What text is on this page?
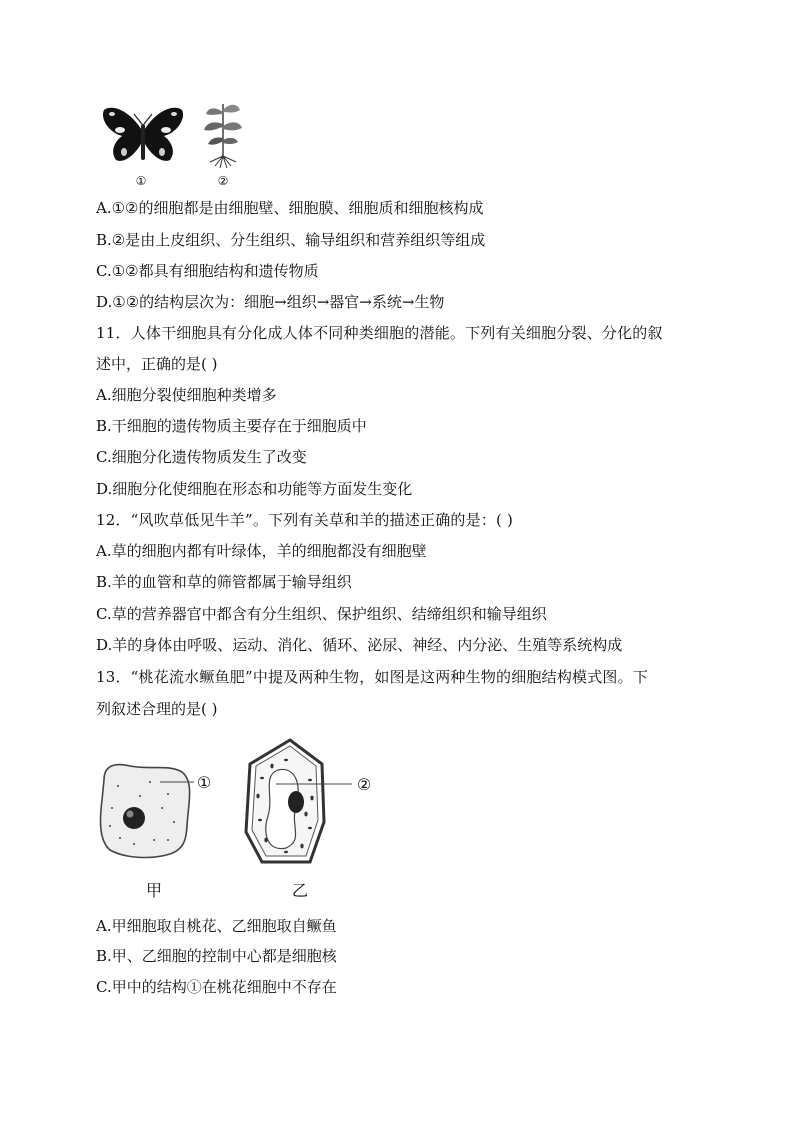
①	②
A.①②的细胞都是由细胞壁、细胞膜、细胞质和细胞核构成
B.②是由上皮组织、分生组织、输导组织和营养组织等组成
C.①②都具有细胞结构和遗传物质
D.①②的结构层次为：细胞→组织→器官→系统→生物
11．人体干细胞具有分化成人体不同种类细胞的潜能。下列有关细胞分裂、分化的叙
述中，正确的是( )
A.细胞分裂使细胞种类增多
B.干细胞的遗传物质主要存在于细胞质中
C.细胞分化遗传物质发生了改变
D.细胞分化使细胞在形态和功能等方面发生变化
12．“风吹草低见牛羊”。下列有关草和羊的描述正确的是：( )
A.草的细胞内都有叶绿体，羊的细胞都没有细胞壁
B.羊的血管和草的筛管都属于输导组织
C.草的营养器官中都含有分生组织、保护组织、结缔组织和输导组织
D.羊的身体由呼吸、运动、消化、循环、泌尿、神经、内分泌、生殖等系统构成
13．“桃花流水鳜鱼肥”中提及两种生物，如图是这两种生物的细胞结构模式图。下
列叙述合理的是( )
①	②
甲	乙
A.甲细胞取自桃花、乙细胞取自鳜鱼
B.甲、乙细胞的控制中心都是细胞核
C.甲中的结构①在桃花细胞中不存在
